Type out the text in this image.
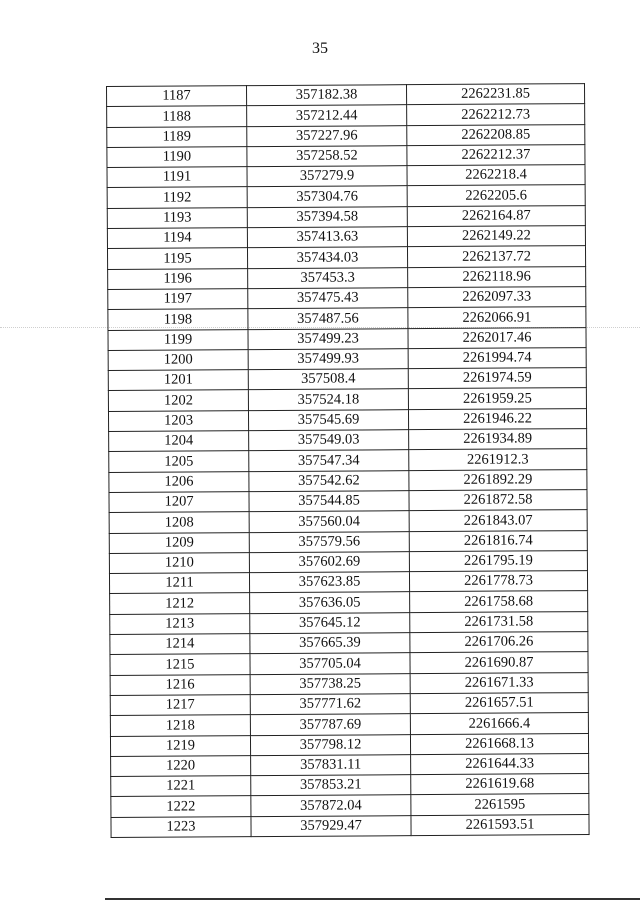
35
1187	357182.38	2262231.85
1188	357212.44	2262212.73
1189	357227.96	2262208.85
1190	357258.52	2262212.37
1191	357279.9	2262218.4
1192	357304.76	2262205.6
1193	357394.58	2262164.87
1194	357413.63	2262149.22
1195	357434.03	2262137.72
1196	357453.3	2262118.96
1197	357475.43	2262097.33
1198	357487.56	2262066.91
1199	357499.23	2262017.46
1200	357499.93	2261994.74
1201	357508.4	2261974.59
1202	357524.18	2261959.25
1203	357545.69	2261946.22
1204	357549.03	2261934.89
1205	357547.34	2261912.3
1206	357542.62	2261892.29
1207	357544.85	2261872.58
1208	357560.04	2261843.07
1209	357579.56	2261816.74
1210	357602.69	2261795.19
1211	357623.85	2261778.73
1212	357636.05	2261758.68
1213	357645.12	2261731.58
1214	357665.39	2261706.26
1215	357705.04	2261690.87
1216	357738.25	2261671.33
1217	357771.62	2261657.51
1218	357787.69	2261666.4
1219	357798.12	2261668.13
1220	357831.11	2261644.33
1221	357853.21	2261619.68
1222	357872.04	2261595
1223	357929.47	2261593.51
